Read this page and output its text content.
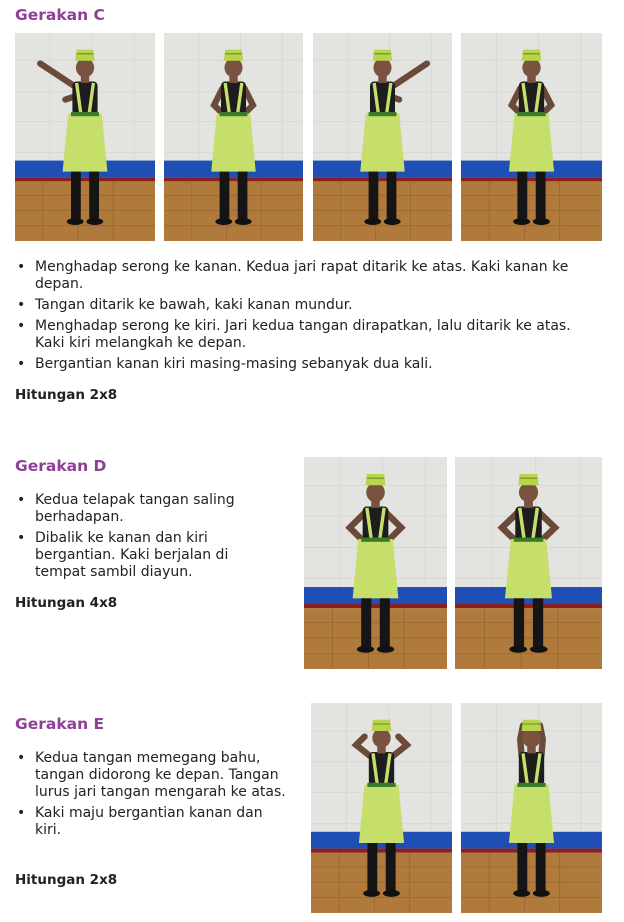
Gerakan C
• Menghadap serong ke kanan. Kedua jari rapat ditarik ke atas. Kaki kanan ke depan.
• Tangan ditarik ke bawah, kaki kanan mundur.
• Menghadap serong ke kiri. Jari kedua tangan dirapatkan, lalu ditarik ke atas. Kaki kiri melangkah ke depan.
• Bergantian kanan kiri masing-masing sebanyak dua kali.

Hitungan 2x8

Gerakan D
• Kedua telapak tangan saling berhadapan.
• Dibalik ke kanan dan kiri bergantian. Kaki berjalan di tempat sambil diayun.

Hitungan 4x8

Gerakan E
• Kedua tangan memegang bahu, tangan didorong ke depan. Tangan lurus jari tangan mengarah ke atas.
• Kaki maju bergantian kanan dan kiri.

Hitungan 2x8
